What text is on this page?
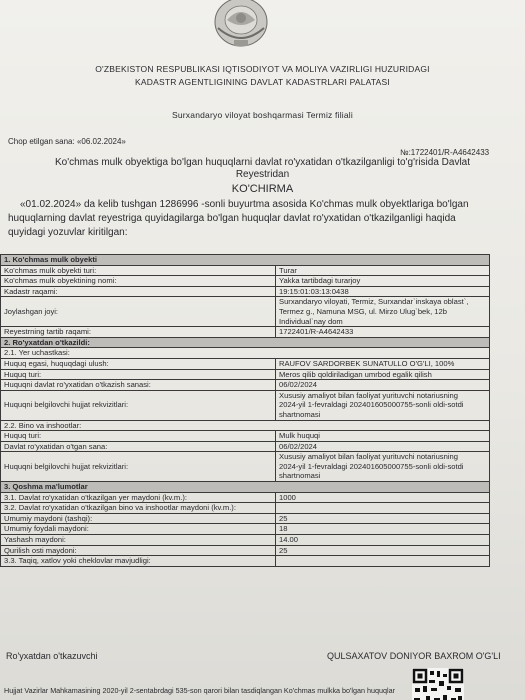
O'ZBEKISTON RESPUBLIKASI IQTISODIYOT VA MOLIYA VAZIRLIGI HUZURIDAGI
KADASTR AGENTLIGINING DAVLAT KADASTRLARI PALATASI
Surxandaryo viloyat boshqarmasi Termiz filiali
Chop etilgan sana: «06.02.2024»
№:1722401/R-A4642433
Ko'chmas mulk obyektiga bo'lgan huquqlarni davlat ro'yxatidan o'tkazilganligi to'g'risida Davlat
Reyestridan
KO'CHIRMA
«01.02.2024» da kelib tushgan 1286996 -sonli buyurtma asosida Ko'chmas mulk obyektlariga bo'lgan
huquqlarning davlat reyestriga quyidagilarga bo'lgan huquqlar davlat ro'yxatidan o'tkazilganligi haqida
quyidagi yozuvlar kiritilgan:
1. Ko'chmas mulk obyekti	
Ko'chmas mulk obyekti turi:	Turar
Ko'chmas mulk obyektining nomi:	Yakka tartibdagi turarjoy
Kadastr raqami:	19:15:01:03:13:0438
Joylashgan joyi:	Surxandaryo viloyati, Termiz, Surxandar`inskaya oblast`,
Termez g., Namuna MSG, ul. Mirzo Ulug`bek, 12b
Individual`nay dom

Reyestrning tartib raqami:	1722401/R-A4642433
2. Ro'yxatdan o'tkazildi:	
2.1. Yer uchastkasi:	
Huquq egasi, huquqdagi ulush:	RAUFOV SARDORBEK SUNATULLO O'G'LI, 100%
Huquq turi:	Meros qilib qoldiriladigan umrbod egalik qilish
Huquqni davlat ro'yxatidan o'tkazish sanasi:	06/02/2024
Huquqni belgilovchi hujjat rekvizitlari:	Xususiy amaliyot bilan faoliyat yurituvchi notariusning
2024-yil 1-fevraldagi 202401605000755-sonli oldi-sotdi
shartnomasi

2.2. Bino va inshootlar:	
Huquq turi:	Mulk huquqi
Davlat ro'yxatidan o'tgan sana:	06/02/2024
Huquqni belgilovchi hujjat rekvizitlari:	Xususiy amaliyot bilan faoliyat yurituvchi notariusning
2024-yil 1-fevraldagi 202401605000755-sonli oldi-sotdi
shartnomasi

3. Qoshma ma'lumotlar	
3.1. Davlat ro'yxatidan o'tkazilgan yer maydoni (kv.m.):	1000
3.2. Davlat ro'yxatidan o'tkazilgan bino va inshootlar maydoni (kv.m.):	
Umumiy maydoni (tashqi):	25
Umumiy foydali maydoni:	18
Yashash maydoni:	14.00
Qurilish osti maydoni:	25
3.3. Taqiq, xatlov yoki cheklovlar mavjudligi:	
Ro'yxatdan o'tkazuvchi	QULSAXATOV DONIYOR BAXROM O'G'LI
Hujjat Vazirlar Mahkamasining 2020-yil 2-sentabrdagi 535-son qarori bilan tasdiqlangan Ko'chmas mulkka bo'lgan huquqlar
